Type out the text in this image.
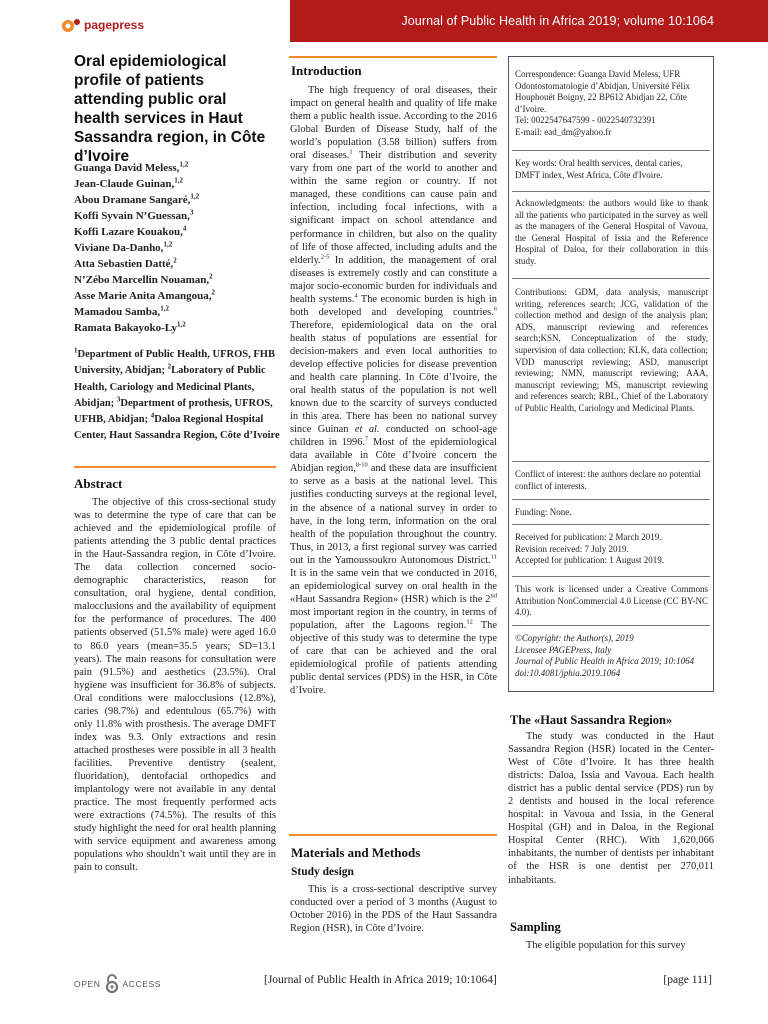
pagepress	Journal of Public Health in Africa 2019; volume 10:1064
Oral epidemiological profile of patients attending public oral health services in Haut Sassandra region, in Côte d’Ivoire
Guanga David Meless,$^{1,2}$
Jean-Claude Guinan,$^{1,2}$
Abou Dramane Sangaré,$^{1,2}$
Koffi Syvain N’Guessan,$^3$
Koffi Lazare Kouakou,$^4$
Viviane Da-Danho,$^{1,2}$
Atta Sebastien Datté,$^2$
N’Zébo Marcellin Nouaman,$^2$
Asse Marie Anita Amangoua,$^2$
Mamadou Samba,$^{1,2}$
Ramata Bakayoko-Ly$^{1,2}$
$^1$Department of Public Health, UFROS, FHB University, Abidjan; $^2$Laboratory of Public Health, Cariology and Medicinal Plants, Abidjan; $^3$Department of prothesis, UFROS, UFHB, Abidjan; $^4$Daloa Regional Hospital Center, Haut Sassandra Region, Côte d’Ivoire
Abstract

The objective of this cross-sectional study was to determine the type of care that can be achieved and the epidemiological profile of patients attending the 3 public dental practices in the Haut-Sassandra region, in Côte d’Ivoire. The data collection concerned socio-demographic characteristics, reason for consultation, oral hygiene, dental condition, malocclusions and the availability of equipment for the performance of procedures. The 400 patients observed (51.5% male) were aged 16.0 to 86.0 years (mean=35.5 years; SD=13.1 years). The main reasons for consultation were pain (91.5%) and aesthetics (23.5%). Oral hygiene was insufficient for 36.8% of subjects. Oral conditions were malocclusions (12.8%), caries (98.7%) and edentulous (65.7%) with only 11.8% with prosthesis. The average DMFT index was 9.3. Only extractions and resin attached prostheses were possible in all 3 health facilities. Preventive dentistry (sealent, fluoridation), dentofacial orthopedics and implantology were not available in any dental practice. The most frequently performed acts were extractions (74.5%). The results of this study highlight the need for oral health planning with service equipment and awareness among populations who shouldn’t wait until they are in pain to consult.

Introduction

The high frequency of oral diseases, their impact on general health and quality of life make them a public health issue. According to the 2016 Global Burden of Disease Study, half of the world’s population (3.58 billion) suffers from oral diseases.$^1$ Their distribution and severity vary from one part of the world to another and within the same region or country. If not managed, these conditions can cause pain and infection, including focal infections, with a significant impact on school attendance and performance in children, but also on the quality of life of those affected, including adults and the elderly.$^{2-5}$ In addition, the management of oral diseases is extremely costly and can constitute a major socio-economic burden for individuals and health systems.$^4$ The economic burden is high in both developed and developing countries.$^6$ Therefore, epidemiological data on the oral health status of populations are essential for decision-makers and even local authorities to develop effective policies for disease prevention and health care planning. In Côte d’Ivoire, the oral health status of the population is not well known due to the scarcity of surveys conducted in this area. There has been no national survey since Guinan et al. conducted on school-age children in 1996.$^7$ Most of the epidemiological data available in Côte d’Ivoire concern the Abidjan region,$^{8-10}$ and these data are insufficient to serve as a basis at the national level. This justifies conducting surveys at the regional level, in the absence of a national survey in order to have, in the long term, information on the oral health of the population throughout the country. Thus, in 2013, a first regional survey was carried out in the Yamoussoukro Autonomous District.$^{11}$ It is in the same vein that we conducted in 2016, an epidemiological survey on oral health in the «Haut Sassandra Region» (HSR) which is the 2nd most important region in the country, in terms of population, after the Lagoons region.$^{12}$ The objective of this study was to determine the type of care that can be achieved and the oral epidemiological profile of patients attending public dental services (PDS) in the HSR, in Côte d’Ivoire.

Materials and Methods
Study design

This is a cross-sectional descriptive survey conducted over a period of 3 months (August to October 2016) in the PDS of the Haut Sassandra Region (HSR), in Côte d’Ivoire.

Correspondence: Guanga David Meless, UFR Odontostomatologie d’Abidjan, Université Félix Houphouët Boigny, 22 BP612 Abidjan 22, Côte d’Ivoire.

Tel: 0022547647599 - 0022540732391

E-mail: ead_dm@yahoo.fr

Key words: Oral health services, dental caries, DMFT index, West Africa, Côte d'Ivoire.

Acknowledgments: the authors would like to thank all the patients who participated in the survey as well as the managers of the General Hospital of Vavoua, the General Hospital of Issia and the Reference Hospital of Daloa, for their collaboration in this study.

Contributions: GDM, data analysis, manuscript writing, references search; JCG, validation of the collection method and design of the analysis plan; ADS, manuscript reviewing and references search;KSN, Conceptualization of the study, supervision of data collection; KLK, data collection; VDD manuscript reviewing; ASD, manuscript reviewing; NMN, manuscript reviewing; AAA, manuscript reviewing; MS, manuscript reviewing and references search; RBL, Chief of the Laboratory of Public Health, Cariology and Medicinal Plants.

Conflict of interest: the authors declare no potential conflict of interests.

Funding: None.

Received for publication: 2 March 2019.

Revision received: 7 July 2019.

Accepted for publication: 1 August 2019.

This work is licensed under a Creative Commons Attribution NonCommercial 4.0 License (CC BY-NC 4.0).

©Copyright: the Author(s), 2019

Licensee PAGEPress, Italy

Journal of Public Health in Africa 2019; 10:1064

doi:10.4081/jphia.2019.1064

The «Haut Sassandra Region»

The study was conducted in the Haut Sassandra Region (HSR) located in the Center-West of Côte d’Ivoire. It has three health districts: Daloa, Issia and Vavoua. Each health district has a public dental service (PDS) run by 2 dentists and housed in the local reference hospital: in Vavoua and Issia, in the General Hospital (GH) and in Daloa, in the Regional Hospital Center (RHC). With 1,620,066 inhabitants, the number of dentists per inhabitant of the HSR is one dentist per 270,011 inhabitants.

Sampling

The eligible population for this survey

OPEN	ACCESS	[Journal of Public Health in Africa 2019; 10:1064]	[page 111]
